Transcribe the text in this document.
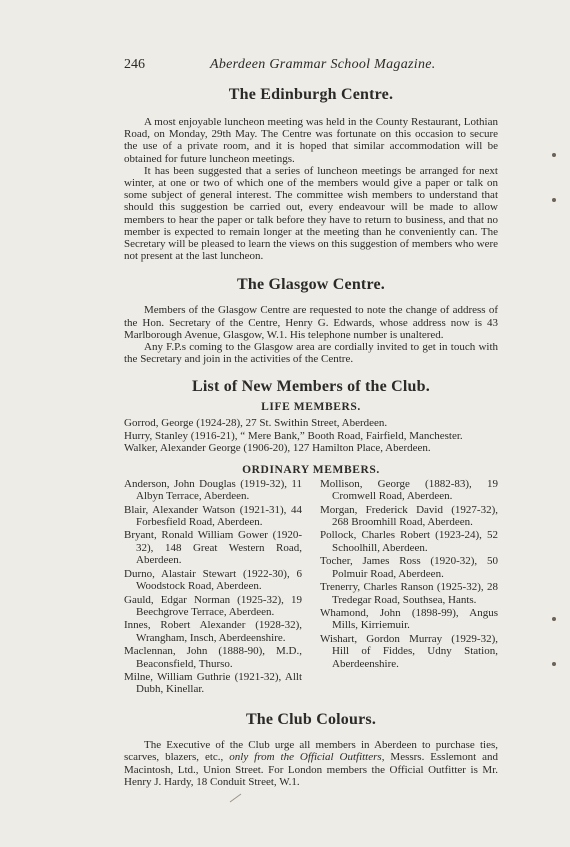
246	Aberdeen Grammar School Magazine.
The Edinburgh Centre.

A most enjoyable luncheon meeting was held in the County Restaurant, Lothian Road, on Monday, 29th May. The Centre was fortunate on this occasion to secure the use of a private room, and it is hoped that similar accommodation will be obtained for future luncheon meetings.

It has been suggested that a series of luncheon meetings be arranged for next winter, at one or two of which one of the members would give a paper or talk on some subject of general interest. The committee wish members to understand that should this suggestion be carried out, every endeavour will be made to allow members to hear the paper or talk before they have to return to business, and that no member is expected to remain longer at the meeting than he conveniently can. The Secretary will be pleased to learn the views on this suggestion of members who were not present at the last luncheon.

The Glasgow Centre.

Members of the Glasgow Centre are requested to note the change of address of the Hon. Secretary of the Centre, Henry G. Edwards, whose address now is 43 Marlborough Avenue, Glasgow, W.1. His telephone number is unaltered.

Any F.P.s coming to the Glasgow area are cordially invited to get in touch with the Secretary and join in the activities of the Centre.

List of New Members of the Club.
LIFE MEMBERS.
Gorrod, George (1924-28), 27 St. Swithin Street, Aberdeen.
Hurry, Stanley (1916-21), “ Mere Bank,” Booth Road, Fairfield, Manchester.
Walker, Alexander George (1906-20), 127 Hamilton Place, Aberdeen.
ORDINARY MEMBERS.
Anderson, John Douglas (1919-32), 11 Albyn Terrace, Aberdeen.
Blair, Alexander Watson (1921-31), 44 Forbesfield Road, Aberdeen.
Bryant, Ronald William Gower (1920-32), 148 Great Western Road, Aberdeen.
Durno, Alastair Stewart (1922-30), 6 Woodstock Road, Aberdeen.
Gauld, Edgar Norman (1925-32), 19 Beechgrove Terrace, Aberdeen.
Innes, Robert Alexander (1928-32), Wrangham, Insch, Aberdeenshire.
Maclennan, John (1888-90), M.D., Beaconsfield, Thurso.
Milne, William Guthrie (1921-32), Allt Dubh, Kinellar.
Mollison, George (1882-83), 19 Cromwell Road, Aberdeen.
Morgan, Frederick David (1927-32), 268 Broomhill Road, Aberdeen.
Pollock, Charles Robert (1923-24), 52 Schoolhill, Aberdeen.
Tocher, James Ross (1920-32), 50 Polmuir Road, Aberdeen.
Trenerry, Charles Ranson (1925-32), 28 Tredegar Road, Southsea, Hants.
Whamond, John (1898-99), Angus Mills, Kirriemuir.
Wishart, Gordon Murray (1929-32), Hill of Fiddes, Udny Station, Aberdeenshire.
The Club Colours.

The Executive of the Club urge all members in Aberdeen to purchase ties, scarves, blazers, etc., only from the Official Outfitters, Messrs. Esslemont and Macintosh, Ltd., Union Street. For London members the Official Outfitter is Mr. Henry J. Hardy, 18 Conduit Street, W.1.
